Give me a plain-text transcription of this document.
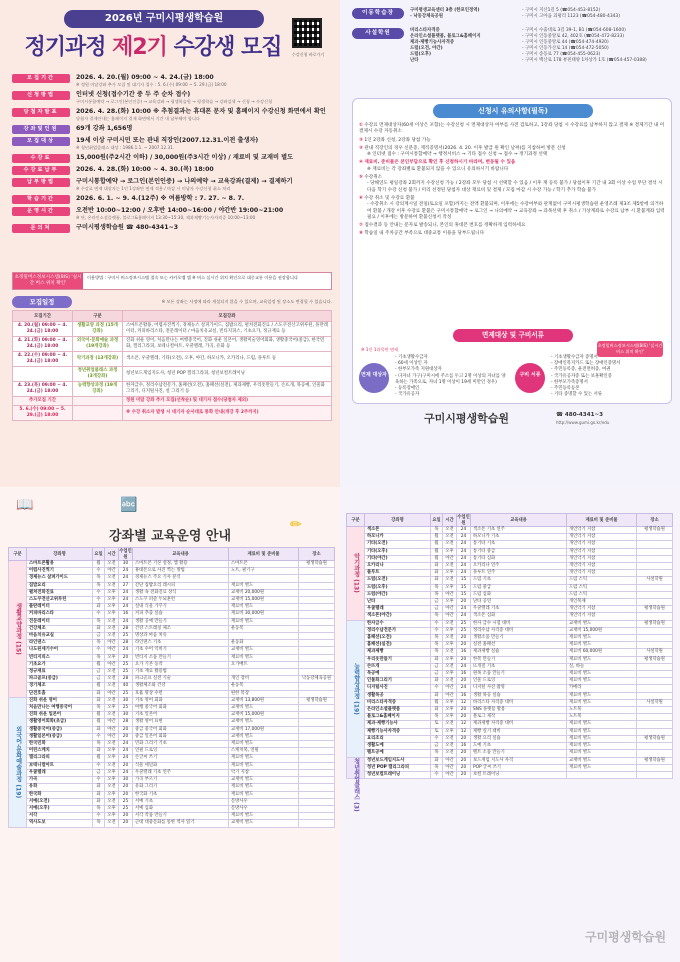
2026년 구미시평생학습원
정기과정 제2기 수강생 모집	수강신청 바로가기
모집기간	2026. 4. 20.(월) 09:00 ~ 4. 24.(금) 18:00
※ 정원 미달강좌 추가 모집 및 대기자 접수 : 5. 6.(수) 09:00 ~ 5. 29.(금) 18:00
신청방법	인터넷 신청(접수기간 중 두 주 순차 접수)
구미시통합예약 → 로그인(본인인증) → 교육강좌 → 평생학습원 → 평생학습 → 강좌검색 → 신청 → 수강신청
당첨자발표	2026. 4. 28.(화) 10:00 ※ 추첨결과는 휴대폰 문자 및 홈페이지 수강신청 화면에서 확인
당첨자 결제안내는 홈페이지 결제 화면에서 기간 내 납부해야 합니다
강좌및인원	69개 강좌 1,656명
모집대상	19세 이상 구미시민 또는 관내 직장인(2007.12.31.이전 출생자)
※ 청년취업클래스 대상 : 1986.1.1. ~ 2007.12.31.
수강료	15,000원(주2시간 이하) / 30,000원(주3시간 이상) / 재료비 및 교재비 별도
수강료납부	2026. 4. 28.(화) 10:00 ~ 4. 30.(목) 18:00
납부방법	구미시통합예약 → 로그인(본인인증) → 나의예약 → 교육강좌(결제) → 결제하기
※ 수강료 면제 대상자는 1인 1강좌만 면제 적용 / 마감 시 미납자 수강신청 취소 처리
학습기간	2026. 6. 1. ~ 9. 4.(12주) ※ 여름방학 : 7. 27. ~ 8. 7.
운영시간	오전반 10:00~12:00 / 오후반 14:00~16:00 / 야간반 19:00~21:00
※ 단, 온라인소셜플랫폼, 블로그&홈페이지 13:30~15:30, 제과제빵기능사자격증 10:00~13:00
문의처	구미시평생학습원 ☎ 480-4341~3
초정밀버스정보시스템(BIS) '실시간 버스 위치 확인'
이용방법 : 구미시 버스정보시스템 접속 또는 카카오맵 앱 ※ 버스 실시간 위치 확인으로 대중교통 이용을 권장합니다
모집일정	※ 모든 강좌는 사정에 따라 개설되지 않을 수 있으며, 교육일정 및 장소도 변경될 수 있습니다.
모집기간	구분	모집강좌
4. 20.(월) 09:00 ~ 4. 24.(금) 18:00	생활교양 과정 (15개강좌)	스마트폰활용, 어렵사진찍기, 경제뉴스 살펴가이드, 집밥요리, 펼쳐전화진료 / 스도쿠전산고위루틴, 플란레이터, 커피바리스타, 전문레이터 / 마음치유교실, 빈티지피스, 기초요가, 정규재료 등
4. 21.(화) 09:00 ~ 4. 24.(금) 18:00	외국어·문화예술 과정 (19개강좌)	진화 쉬운 영어, 처음만나는 여행중국어, 진화 쉬운 일본어, 생활미술영어회화, 생활중국어(중급), 한국민화, 캘리그라피, 보테니컬아트, 우쿨렐레, 가곡, 유화 등
4. 22.(수) 09:00 ~ 4. 24.(금) 18:00	악기과정 (13개강좌)	색소폰, 우쿨렐레, 기타(오전), 오후, 야간, 하모니카, 오카리나, 드럼, 플루트 등
	청년취업클래스 과정 (3개강좌)	청년보드게임지도사, 청년 POP 캘리그라피, 청년보컬트레이닝
4. 23.(목) 09:00 ~ 4. 24.(금) 18:00	능력향상과정 (19개강좌)	한자급수, 정리수납전문가, 홈패션(오전), 홈패션(실전), 제과제빵, 우리옷만들기, 손뜨개, 목공예, 인물화그리기, 디지털사진, 설 그리기 등
추가모집 기간		정원 미달 강좌 추가 모집(선착순) 및 대기자 접수(당첨자 제외)
5. 6.(수) 09:00 ~ 5. 29.(금) 18:00		※ 수강 취소자 발생 시 대기자 순서대로 통화 안내(개강 후 2주까지)
이동학습장	구미평생교육센터 3층 (한포인정역)	- 구미시 지산1길 5 (☎054-453-8152)
- 낙동강체육공원	- 구미시 고아읍 괴평리 1123 (☎054-480-4343)
사설학원	비리스타자격증	- 구미시 수출대로 3길 39-1, B1 (☎054-608-1600)
온라인소셜플랫폼, 블로그&홈페이지	- 구미시 인동중앙로 42, 402호 (☎054-472-8233)
제과·제빵기능사자격증	- 구미시 인동중앙로 44 (☎054-474-4920)
드럼(오전, 야간)	- 구미시 인동가산로 14 (☎054-472-5050)
드럼(오후)	- 구미시 송동로 77 (☎054-455-0623)
난타	- 구미시 백산로 178 뷰핀태양 1차상가 1호 (☎054-457-0388)
신청시 유의사항(필독)
① 수강료 면제대상자(60세 이상은 포함)는 수강신청 시 면제대상자 여부를 사전 검토하고, 1강좌 당첨 시 수강료를 납부하지 않고 결제 ※ 결제기간 내 미결제시 수강 자동취소
② 1인 2강좌 신청, 2강좌 당첨 가능
③ 관내 직장인의 경우 신분증, 재직증명서(2026. 4. 20. 이후 발급 원 확인 날짜)를 지참하여 방문 신청
※ 인터넷 접수 : 구미시통합예약 → 행정서비스 → 기타 접수 신청 → 접수 → 정기과정 선택
④ 재료비, 준비물은 본인부담으로 확인 후 신청하시기 바라며, 변동될 수 있음
※ 재료비는 각 강좌별로 환불되지 않을 수 있으니 유의하시기 바랍니다
⑤ 수강취소
- 당해연도 평일강좌 2회까지 수강신청 가능 / 2강좌 모두 당첨 시 선택할 수 있음 / 이후 재 등록 불가 / 당첨이후 기간 내 3회 이상 수업 무단 결석 시 다음 학기 수강 신청 불가 / 미리 선정된 당첨자 대상 재료비 및 결제 / 모집 마감 시 수강 가능 / 학기 추가 학습 불가
⑥ 수강 취소 및 수강료 환불
- 수강취소 시 강의계시일 전일(토요일 포함)까지는 전액 환불되며, 이후에는 수강여부와 관계없이 구미시평생학습원 운영조례 제3조 제5항에 의거하여 환불 / 개강 이후 수강료 환불은 구미시통합예약 → 로그인 → 나의예약 → 교육강좌 → 과목선택 후 취소 / 가상계좌로 수강료 납부 시 환불계좌 입력 필요 / 이후에는 방문하여 환불신청서 작성
⑦ 접수결과 등 안내는 문자로 발송되니, 본인의 휴대폰 번호를 정확하게 입력하세요
⑧ 학습일 내 주차공간 부족으로 대중교통 이용을 당부드립니다
초정밀버스정보시스템(BIS) '실시간 버스 위치 확인'
면제대상 및 구비서류
※ 1인 1과목만 면제
면제 대상자
- 기초생활수급자
- 60세 이상인 자
- 한부모가족 지원대상자
- 다자녀 가구(구미시에 주소를 두고 2명 이상의 자녀를 양육하는 가족으로, 자녀 1명 이상이 19세 미만인 경우)
- 등록장애인
- 국가유공자
구비 서류
- 기초생활수급자 증명서
- 장애인복지카드 또는 장애인증명서
- 주민등록증, 운전면허증, 여권
- 국가유공자증 또는 보훈확인증
- 한부모가족증명서
- 주민등록등본
- 기타 증명할 수 있는 서류
구미시평생학습원	☎ 480-4341~3
http://www.gumi.go.kr/edu
📖	🔤
✏
강좌별 교육운영 안내
구분	강좌명	요일	시간	수업인원	교육내용	재료비 및 준비물	장소
생활교양과정 (15)	스마트폰활용	월	오전	30	스마트폰 기본 설정, 앱 활용	스마트폰	평생학습원
	어렵사진찍기	수	야간	24	휴대폰으로 사진 찍는 방법	노트, 필기구	
	경제뉴스 살펴가이드	목	오전	24	경제뉴스 주요 기사 분석		
	집밥요리	목	오전	27	간단 집밥요리 레시피	재료비 별도	
	펼쳐전화진료	수	오후	24	생활 속 전화진료 상식	교재비 20,000원	
	스도쿠전산고위루틴	수	오후	24	스도쿠 퍼즐 두뇌훈련	교재비 15,000원	
	플란레이터	화	오후	24	실내 식물 가꾸기	재료비 별도	
	커피바리스타	수	오후	16	커피 추출 실습	재료비 30,000원	
	전문레이터	목	오전	24	생활 공예 만들기	재료비 별도	
	건강체조	화	오전	28	건강 스트레칭 체조	운동복	
	마음치유교실	금	오전	25	명상과 마음 치유		
	라인댄스	목	야간	28	라인댄스 기초	운동화	
	나도된세기수어	수	야간	24	기초 수어 익히기	교재비 별도	
	빈티지피스	목	오후	20	빈티지 소품 만들기	재료비 별도	
	기초요가	월	야간	25	요가 기본 동작	요가매트	
	정규재료	금	오전	25	기초 재료 활용법		
	파크골프(중급)	금	오전	28	파크골프 실전 기술	개인 장비	낙동강체육공원
	경기체조	월	오전	40	생활체조와 건강	운동복	
	단전호흡	화	야간	25	호흡 명상 수련	편한 복장	
외국어·문화예술과정 (19)	진화 쉬운 영어	화	오전	30	기초 영어 회화	교재비 13,800원	평생학습원
	처음만나는 여행중국어	목	오후	25	여행 중국어 회화	교재비 별도	
	진화 쉬운 일본어	월	오전	30	기초 일본어	교재비 15,000원	
	생활영어회화(초급)	월	야간	28	생활 영어 표현	교재비 별도	
	생활중국어(중급)	화	야간	20	중급 중국어 회화	교재비 17,000원	
	생활일본어(중급)	수	야간	20	중급 일본어 회화	교재비 별도	
	한국민화	목	오전	24	민화 그리기 기초	재료비 별도	
	어린스케치	화	오후	24	연필 드로잉	스케치북, 연필	
	캘리그라피	월	오후	24	손글씨 쓰기	재료비 별도	
	보테니컬아트	수	오전	20	식물 세밀화	재료비 별도	
	우쿨렐레	금	오후	24	우쿨렐레 기초 연주	악기 지참	
	가곡	수	오후	30	가곡 부르기	교재비 별도	
	유화	화	오전	20	유화 그리기	재료비 별도	
	한국화	화	오후	20	한국화 기초	재료비 별도	
	서예(오전)	화	오전	25	서예 기초	문방사우	
	서예(오후)	목	오후	25	서예 심화	문방사우	
	서각	수	오후	20	서각 작품 만들기	재료비 별도	
	역사도보	목	오전	20	근대 대중문화를 통한 역사 읽기	교재비 별도	
구분	강좌명	요일	시간	수업인원	교육내용	재료비 및 준비물	장소
악기과정 (13)	색소폰	목	오전	24	색소폰 기초 연주	개인악기 지참	평생학습원
	하모니카	월	오전	24	하모니카 기초	개인악기 지참	
	기타(오전)	월	오전	24	통기타 기초	개인악기 지참	
	기타(오후)	월	오후	24	통기타 중급	개인악기 지참	
	기타(야간)	월	야간	24	통기타 심화	개인악기 지참	
	오카리나	화	오전	24	오카리나 연주	개인악기 지참	
	플루트	화	오후	24	플루트 연주	개인악기 지참	
	드럼(오전)	화	오전	15	드럼 기초	드럼 스틱	사설학원
	드럼(오후)	목	오후	15	드럼 중급	드럼 스틱	
	드럼(야간)	목	야간	15	드럼 심화	드럼 스틱	
	난타	금	오후	20	난타 공연	개인북채	
	우쿨렐레	금	야간	24	우쿨렐레 기초	개인악기 지참	평생학습원
	색소폰(야간)	목	야간	24	색소폰 심화	개인악기 지참	
능력향상과정 (19)	한자급수	수	오전	25	한자 급수 시험 대비	교재비 별도	평생학습원
	정리수납전문가	수	오후	25	정리수납 자격증 대비	교재비 15,000원	
	홈패션(오전)	목	오전	20	생활소품 만들기	재료비 별도	
	홈패션(실전)	목	오후	20	실전 홈패션	재료비 별도	
	제과제빵	목	오전	16	제과제빵 실습	재료비 60,000원	사설학원
	우리옷만들기	화	오후	20	한복 만들기	재료비 별도	평생학습원
	손뜨개	금	오전	24	뜨개질 기초	실, 바늘	
	목공예	금	오후	16	원목 소품 만들기	재료비 별도	
	인물화그리기	화	오전	20	인물 드로잉	재료비 별도	
	디지털사진	수	야간	24	디지털 사진 촬영	카메라	
	생활목공	화	야간	16	생활 목공 실습	재료비 별도	
	비리스타자격증	월	오후	12	바리스타 자격증 대비	재료비 별도	사설학원
	온라인소셜플랫폼	화	오후	20	SNS 플랫폼 활용	노트북	
	블로그&홈페이지	목	오후	20	블로그 제작	노트북	
	제과·제빵기능사	토	오전	12	제과제빵 자격증 대비	재료비 별도	
	제빵기능사자격증	토	오후	12	제빵 실기 대비	재료비 별도	
	요리조리	수	오전	20	생활 요리 실습	재료비 별도	평생학습원
	생활도예	금	오전	16	도예 기초	재료비 별도	
	펠트공예	목	오전	20	펠트 소품 만들기	재료비 별도	
청년취업클래스 (3)	청년보드게임지도사	화	야간	20	보드게임 지도사 자격	교재비 별도	평생학습원
	청년 POP 캘리그라피	목	야간	20	POP 글씨 쓰기	재료비 별도	
	청년보컬트레이닝	수	야간	20	보컬 트레이닝		
구미평생학습원
